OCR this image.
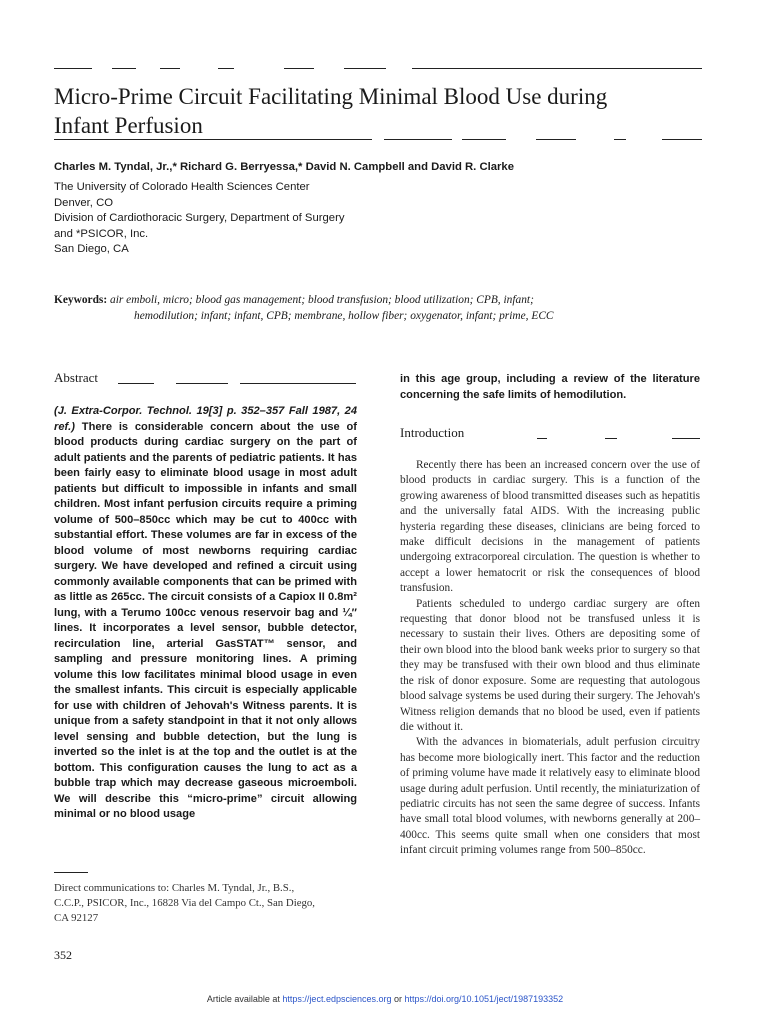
Micro-Prime Circuit Facilitating Minimal Blood Use during
Infant Perfusion
Charles M. Tyndal, Jr.,* Richard G. Berryessa,* David N. Campbell and David R. Clarke
The University of Colorado Health Sciences Center
Denver, CO
Division of Cardiothoracic Surgery, Department of Surgery
and *PSICOR, Inc.
San Diego, CA
Keywords: air emboli, micro; blood gas management; blood transfusion; blood utilization; CPB, infant;
hemodilution; infant; infant, CPB; membrane, hollow fiber; oxygenator, infant; prime, ECC
Abstract
(J. Extra-Corpor. Technol. 19[3] p. 352–357 Fall 1987, 24 ref.) There is considerable concern about the use of blood products during cardiac surgery on the part of adult patients and the parents of pediatric patients. It has been fairly easy to eliminate blood usage in most adult patients but difficult to impossible in infants and small children. Most infant perfusion circuits require a priming volume of 500–850cc which may be cut to 400cc with substantial effort. These volumes are far in excess of the blood volume of most newborns requiring cardiac surgery. We have developed and refined a circuit using commonly available components that can be primed with as little as 265cc. The circuit consists of a Capiox II 0.8m² lung, with a Terumo 100cc venous reservoir bag and ¼″ lines. It incorporates a level sensor, bubble detector, recirculation line, arterial GasSTAT™ sensor, and sampling and pressure monitoring lines. A priming volume this low facilitates minimal blood usage in even the smallest infants. This circuit is especially applicable for use with children of Jehovah's Witness parents. It is unique from a safety standpoint in that it not only allows level sensing and bubble detection, but the lung is inverted so the inlet is at the top and the outlet is at the bottom. This configuration causes the lung to act as a bubble trap which may decrease gaseous microemboli. We will describe this “micro-prime” circuit allowing minimal or no blood usage
in this age group, including a review of the literature concerning the safe limits of hemodilution.
Introduction

Recently there has been an increased concern over the use of blood products in cardiac surgery. This is a function of the growing awareness of blood transmitted diseases such as hepatitis and the universally fatal AIDS. With the increasing public hysteria regarding these diseases, clinicians are being forced to make difficult decisions in the management of patients undergoing extracorporeal circulation. The question is whether to accept a lower hematocrit or risk the consequences of blood transfusion.

Patients scheduled to undergo cardiac surgery are often requesting that donor blood not be transfused unless it is necessary to sustain their lives. Others are depositing some of their own blood into the blood bank weeks prior to surgery so that they may be transfused with their own blood and thus eliminate the risk of donor exposure. Some are requesting that autologous blood salvage systems be used during their surgery. The Jehovah's Witness religion demands that no blood be used, even if patients die without it.

With the advances in biomaterials, adult perfusion circuitry has become more biologically inert. This factor and the reduction of priming volume have made it relatively easy to eliminate blood usage during adult perfusion. Until recently, the miniaturization of pediatric circuits has not seen the same degree of success. Infants have small total blood volumes, with newborns generally at 200–400cc. This seems quite small when one considers that most infant circuit priming volumes range from 500–850cc.

Direct communications to: Charles M. Tyndal, Jr., B.S.,
C.C.P., PSICOR, Inc., 16828 Via del Campo Ct., San Diego,
CA 92127
352
Article available at https://ject.edpsciences.org or https://doi.org/10.1051/ject/1987193352
